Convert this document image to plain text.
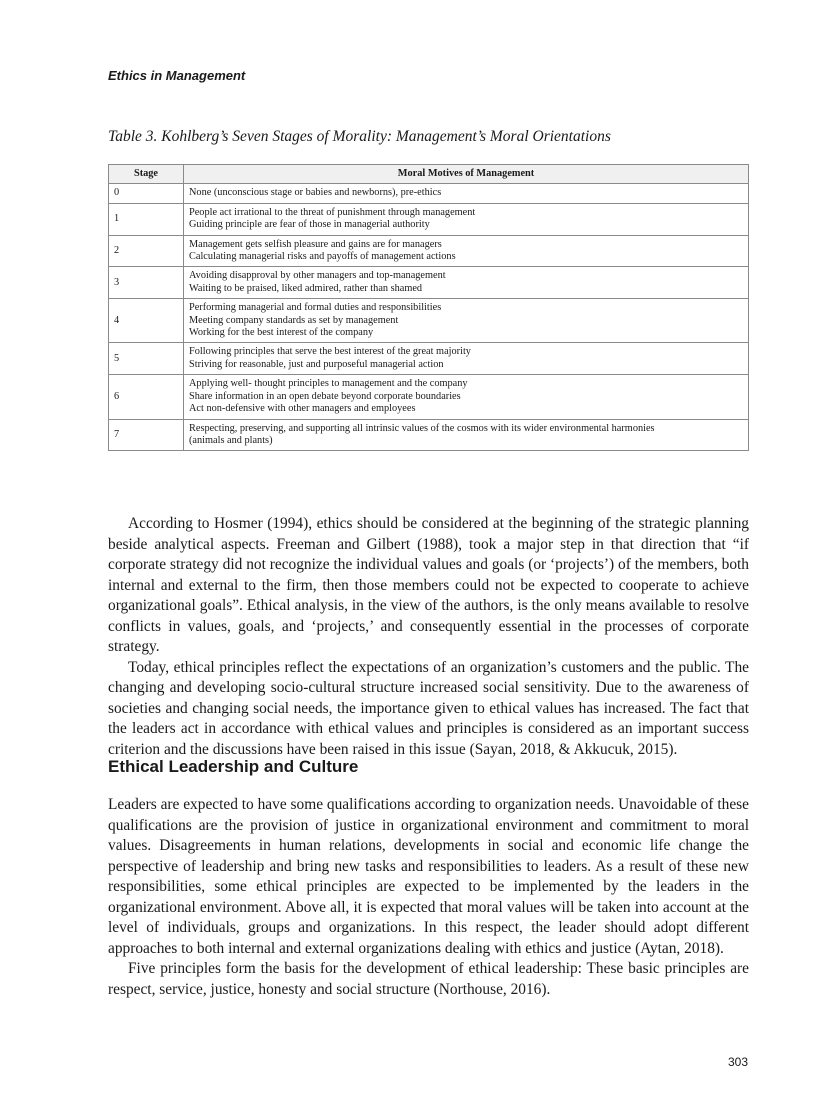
Ethics in Management
Table 3. Kohlberg’s Seven Stages of Morality: Management’s Moral Orientations
Stage	Moral Motives of Management
0	None (unconscious stage or babies and newborns), pre-ethics

1	People act irrational to the threat of punishment through management
Guiding principle are fear of those in managerial authority

2	Management gets selfish pleasure and gains are for managers
Calculating managerial risks and payoffs of management actions

3	Avoiding disapproval by other managers and top-management
Waiting to be praised, liked admired, rather than shamed

4	Performing managerial and formal duties and responsibilities
Meeting company standards as set by management
Working for the best interest of the company

5	Following principles that serve the best interest of the great majority
Striving for reasonable, just and purposeful managerial action

6	Applying well- thought principles to management and the company
Share information in an open debate beyond corporate boundaries
Act non-defensive with other managers and employees

7	Respecting, preserving, and supporting all intrinsic values of the cosmos with its wider environmental harmonies
(animals and plants)

According to Hosmer (1994), ethics should be considered at the beginning of the strategic planning beside analytical aspects. Freeman and Gilbert (1988), took a major step in that direction that “if corporate strategy did not recognize the individual values and goals (or ‘projects’) of the members, both internal and external to the firm, then those members could not be expected to cooperate to achieve organizational goals”. Ethical analysis, in the view of the authors, is the only means available to resolve conflicts in values, goals, and ‘projects,’ and consequently essential in the processes of corporate strategy.

Today, ethical principles reflect the expectations of an organization’s customers and the public. The changing and developing socio-cultural structure increased social sensitivity. Due to the awareness of societies and changing social needs, the importance given to ethical values has increased. The fact that the leaders act in accordance with ethical values and principles is considered as an important success criterion and the discussions have been raised in this issue (Sayan, 2018, & Akkucuk, 2015).

Ethical Leadership and Culture

Leaders are expected to have some qualifications according to organization needs. Unavoidable of these qualifications are the provision of justice in organizational environment and commitment to moral values. Disagreements in human relations, developments in social and economic life change the perspective of leadership and bring new tasks and responsibilities to leaders. As a result of these new responsibilities, some ethical principles are expected to be implemented by the leaders in the organizational environment. Above all, it is expected that moral values will be taken into account at the level of individuals, groups and organizations. In this respect, the leader should adopt different approaches to both internal and external organizations dealing with ethics and justice (Aytan, 2018).

Five principles form the basis for the development of ethical leadership: These basic principles are respect, service, justice, honesty and social structure (Northouse, 2016).

303
